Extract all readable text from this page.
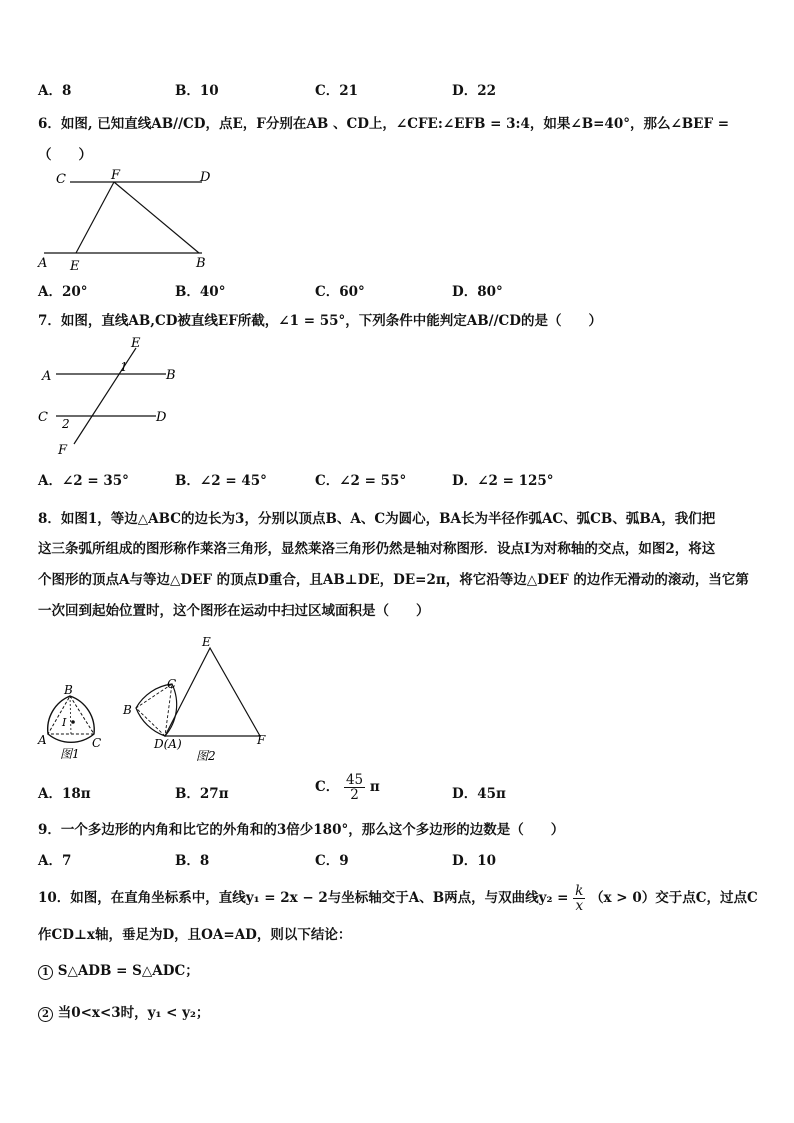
A．8	B．10	C．21	D．22
6．如图, 已知直线AB//CD，点E，F分别在AB 、CD上，∠CFE:∠EFB = 3:4，如果∠B=40°，那么∠BEF =
（　　）
C	F	D
A E	B
A．20°	B．40°	C．60°	D．80°
7．如图，直线AB,CD被直线EF所截，∠1 = 55°，下列条件中能判定AB//CD的是（　　）
E
A	B
1
C	D
2
F
A．∠2 = 35°	B．∠2 = 45°	C．∠2 = 55°	D．∠2 = 125°
8．如图1，等边△ABC的边长为3，分别以顶点B、A、C为圆心，BA长为半径作弧AC、弧CB、弧BA，我们把
这三条弧所组成的图形称作莱洛三角形，显然莱洛三角形仍然是轴对称图形．设点I为对称轴的交点，如图2，将这
个图形的顶点A与等边△DEF 的顶点D重合，且AB⊥DE，DE=2π，将它沿等边△DEF 的边作无滑动的滚动，当它第
一次回到起始位置时，这个图形在运动中扫过区域面积是（　　）
B
I
A	C
图1
E
C
B
D(A)	F
图2
A．18π	B．27π	C． $\frac{45}{2}$ π	D．45π
9．一个多边形的内角和比它的外角和的3倍少180°，那么这个多边形的边数是（　　）
A．7	B．8	C．9	D．10
10．如图，在直角坐标系中，直线y₁ = 2x − 2与坐标轴交于A、B两点，与双曲线$y_2 = \frac{k}{x} (x > 0)$交于点C，过点C
作CD⊥x轴，垂足为D，且OA=AD，则以下结论：
1 S△ADB = S△ADC；
2 当0<x<3时，y₁ < y₂；
